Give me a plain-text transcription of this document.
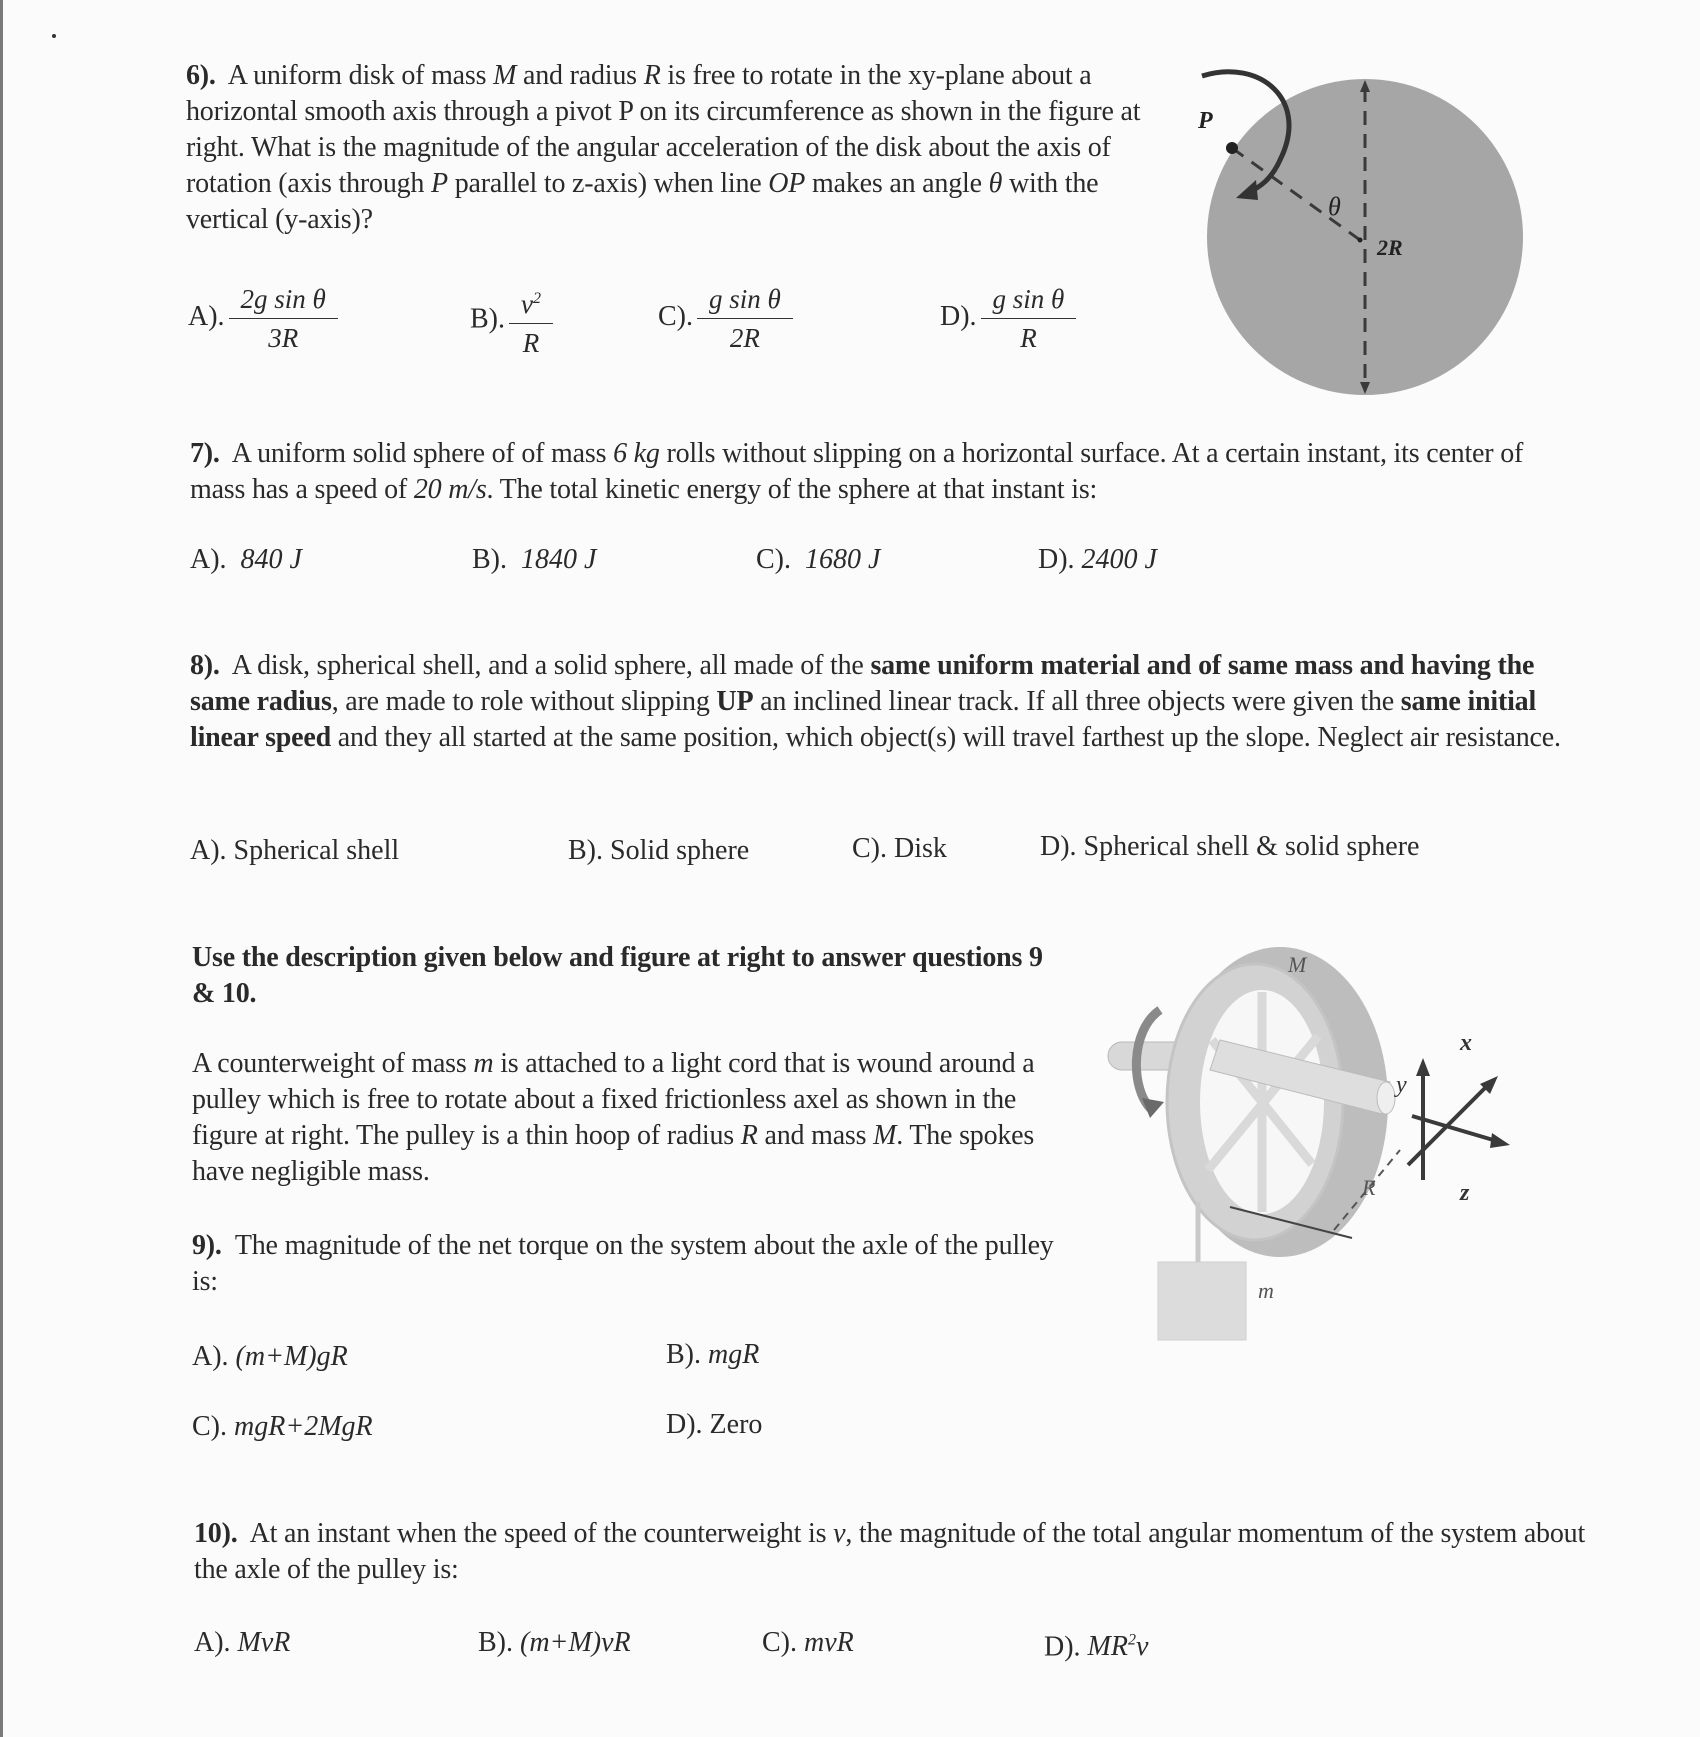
6). A uniform disk of mass M and radius R is free to rotate in the xy-plane about a horizontal smooth axis through a pivot P on its circumference as shown in the figure at right. What is the magnitude of the angular acceleration of the disk about the axis of rotation (axis through P parallel to z-axis) when line OP makes an angle θ with the vertical (y-axis)?
A). $\frac{\text{2g sin θ}}{3R}$	B). $\frac{v^2}{R}$	C). $\frac{\text{g sin θ}}{2R}$	D). $\frac{\text{g sin θ}}{R}$
P
θ
2R
7). A uniform solid sphere of of mass 6 kg rolls without slipping on a horizontal surface. At a certain instant, its center of mass has a speed of 20 m/s. The total kinetic energy of the sphere at that instant is:
A). 840 J	B). 1840 J	C). 1680 J	D). 2400 J
8). A disk, spherical shell, and a solid sphere, all made of the same uniform material and of same mass and having the same radius, are made to role without slipping UP an inclined linear track. If all three objects were given the same initial linear speed and they all started at the same position, which object(s) will travel farthest up the slope. Neglect air resistance.
A). Spherical shell	B). Solid sphere	C). Disk	D). Spherical shell & solid sphere
Use the description given below and figure at right to answer questions 9 & 10.
A counterweight of mass m is attached to a light cord that is wound around a pulley which is free to rotate about a fixed frictionless axel as shown in the figure at right. The pulley is a thin hoop of radius R and mass M. The spokes have negligible mass.
R
M
m
y
x
z
9). The magnitude of the net torque on the system about the axle of the pulley is:
A). (m+M)gR	B). mgR
C). mgR+2MgR	D). Zero
10). At an instant when the speed of the counterweight is v, the magnitude of the total angular momentum of the system about the axle of the pulley is:
A). MvR	B). (m+M)vR	C). mvR	D). $MR^2v$
